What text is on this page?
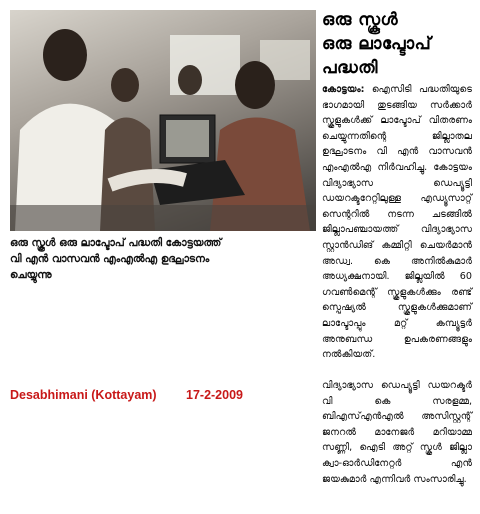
ഒരു സ്കൂൾ
ഒരു ലാപ്ടോപ്
പദ്ധതി
ഒരു സ്കൂൾ ഒരു ലാപ്ടോപ് പദ്ധതി കോട്ടയത്ത്
വി എൻ വാസവൻ എംഎൽഎ ഉദ്ഘാടനം
ചെയ്യുന്നു
കോട്ടയം: ഐസിടി പദ്ധതിയുടെ ഭാഗമായി തുടങ്ങിയ സർക്കാർ സ്കൂളുകൾക്ക് ലാപ്ടോപ് വിതരണം ചെയ്യുന്നതിന്റെ ജില്ലാതല ഉദ്ഘാടനം വി എൻ വാസവൻ എംഎൽഎ നിർവഹിച്ചു. കോട്ടയം വിദ്യാഭ്യാസ ഡെപ്യൂട്ടി ഡയറക്ടറേറ്റിലുള്ള എഡ്യൂസാറ്റ് സെന്ററിൽ നടന്ന ചടങ്ങിൽ ജില്ലാപഞ്ചായത്ത് വിദ്യാഭ്യാസ സ്റ്റാൻഡിങ് കമ്മിറ്റി ചെയർമാൻ അഡ്വ. കെ അനിൽകുമാർ അധ്യക്ഷനായി. ജില്ലയിൽ 60 ഗവൺമെന്റ് സ്കൂളുകൾക്കും രണ്ട് സ്പെഷ്യൽ സ്കൂളുകൾക്കുമാണ് ലാപ്ടോപ്പും മറ്റ് കമ്പ്യൂട്ടർ അനുബന്ധ ഉപകരണങ്ങളും നൽകിയത്.
വിദ്യാഭ്യാസ ഡെപ്യൂട്ടി ഡയറക്ടർ വി കെ സരളമ്മ, ബിഎസ്എൻഎൽ അസിസ്റ്റന്റ് ജനറൽ മാനേജർ മറിയാമ്മ സണ്ണി, ഐടി അറ്റ് സ്കൂൾ ജില്ലാ ക്വാ-ഓർഡിനേറ്റർ എൻ ജയകുമാർ എന്നിവർ സംസാരിച്ചു.
Desabhimani (Kottayam) 17-2-2009
